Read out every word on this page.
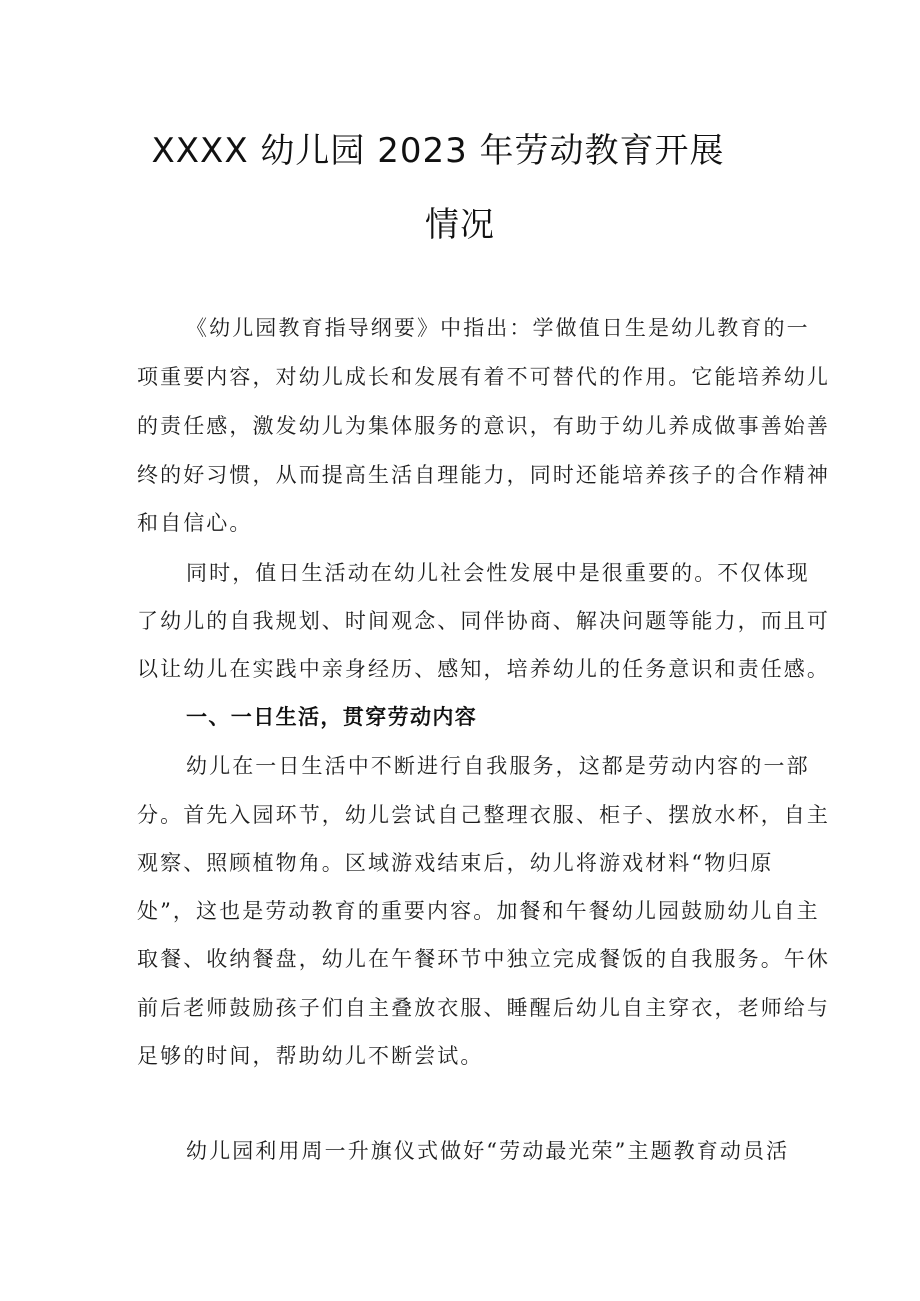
XXXX 幼儿园 2023 年劳动教育开展
情况
《幼儿园教育指导纲要》中指出：学做值日生是幼儿教育的一
项重要内容，对幼儿成长和发展有着不可替代的作用。它能培养幼儿
的责任感，激发幼儿为集体服务的意识，有助于幼儿养成做事善始善
终的好习惯，从而提高生活自理能力，同时还能培养孩子的合作精神
和自信心。
同时，值日生活动在幼儿社会性发展中是很重要的。不仅体现
了幼儿的自我规划、时间观念、同伴协商、解决问题等能力，而且可
以让幼儿在实践中亲身经历、感知，培养幼儿的任务意识和责任感。
一、一日生活，贯穿劳动内容
幼儿在一日生活中不断进行自我服务，这都是劳动内容的一部
分。首先入园环节，幼儿尝试自己整理衣服、柜子、摆放水杯，自主
观察、照顾植物角。区域游戏结束后，幼儿将游戏材料“物归原
处”，这也是劳动教育的重要内容。加餐和午餐幼儿园鼓励幼儿自主
取餐、收纳餐盘，幼儿在午餐环节中独立完成餐饭的自我服务。午休
前后老师鼓励孩子们自主叠放衣服、睡醒后幼儿自主穿衣，老师给与
足够的时间，帮助幼儿不断尝试。
幼儿园利用周一升旗仪式做好“劳动最光荣”主题教育动员活
